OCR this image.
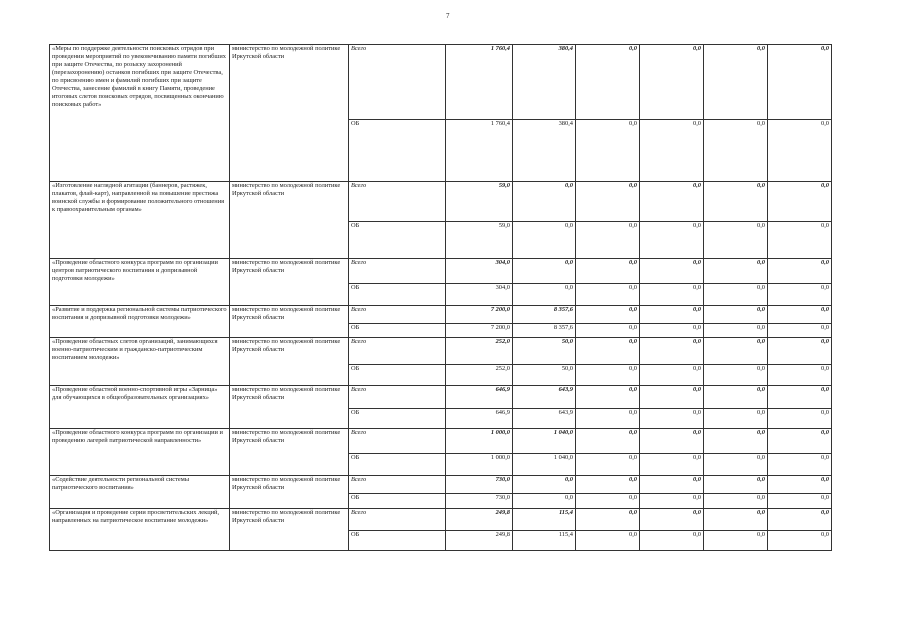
7
«Меры по поддержке деятельности поисковых отрядов при проведении мероприятий по увековечиванию памяти погибших при защите Отечества, по розыску захоронений (перезахоронению) останков погибших при защите Отечества, по присвоению имен и фамилий погибших при защите Отечества, занесение фамилий в книгу Памяти, проведение итоговых слетов поисковых отрядов, посвященных окончанию поисковых работ»	министерство по молодежной политике Иркутской области	Всего	1 760,4	380,4	0,0	0,0	0,0	0,0
		ОБ	1 760,4	380,4	0,0	0,0	0,0	0,0
«Изготовление наглядной агитации (баннеров, растяжек, плакатов, флай-карт), направленной на повышение престижа воинской службы и формирование положительного отношения к правоохранительным органам»	министерство по молодежной политике Иркутской области	Всего	59,0	0,0	0,0	0,0	0,0	0,0
		ОБ	59,0	0,0	0,0	0,0	0,0	0,0
«Проведение областного конкурса программ по организации центров патриотического воспитания и допризывной подготовки молодежи»	министерство по молодежной политике Иркутской области	Всего	304,0	0,0	0,0	0,0	0,0	0,0
		ОБ	304,0	0,0	0,0	0,0	0,0	0,0
«Развитие и поддержка региональной системы патриотического воспитания и допризывной подготовки молодежи»	министерство по молодежной политике Иркутской области	Всего	7 200,0	8 357,6	0,0	0,0	0,0	0,0
		ОБ	7 200,0	8 357,6	0,0	0,0	0,0	0,0
«Проведение областных слетов организаций, занимающихся военно-патриотическим и гражданско-патриотическим воспитанием молодежи»	министерство по молодежной политике Иркутской области	Всего	252,0	50,0	0,0	0,0	0,0	0,0
		ОБ	252,0	50,0	0,0	0,0	0,0	0,0
«Проведение областной военно-спортивной игры «Зарница» для обучающихся в общеобразовательных организациях»	министерство по молодежной политике Иркутской области	Всего	646,9	643,9	0,0	0,0	0,0	0,0
		ОБ	646,9	643,9	0,0	0,0	0,0	0,0
«Проведение областного конкурса программ по организации и проведению лагерей патриотической направленности»	министерство по молодежной политике Иркутской области	Всего	1 000,0	1 040,0	0,0	0,0	0,0	0,0
		ОБ	1 000,0	1 040,0	0,0	0,0	0,0	0,0
«Содействие деятельности региональной системы патриотического воспитания»	министерство по молодежной политике Иркутской области	Всего	730,0	0,0	0,0	0,0	0,0	0,0
		ОБ	730,0	0,0	0,0	0,0	0,0	0,0
«Организация и проведение серии просветительских лекций, направленных на патриотическое воспитание молодежи»	министерство по молодежной политике Иркутской области	Всего	249,8	115,4	0,0	0,0	0,0	0,0
		ОБ	249,8	115,4	0,0	0,0	0,0	0,0
